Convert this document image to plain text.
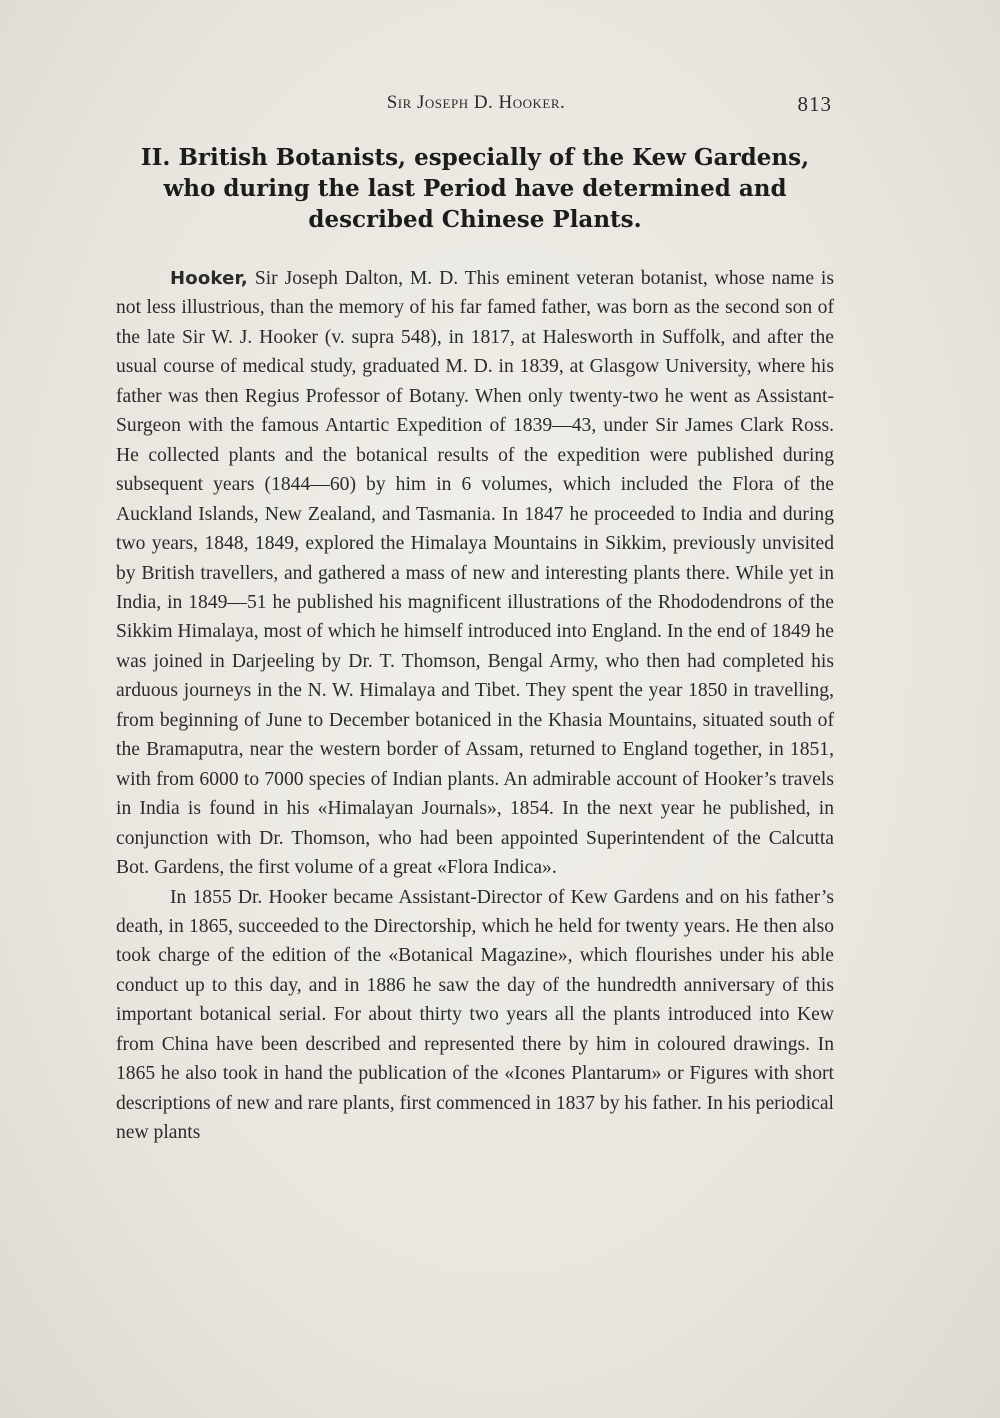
Sir Joseph D. Hooker.	813
II. British Botanists, especially of the Kew Gardens,
who during the last Period have determined and
described Chinese Plants.

Hooker, Sir Joseph Dalton, M. D. This eminent veteran botanist, whose name is not less illustrious, than the memory of his far famed father, was born as the second son of the late Sir W. J. Hooker (v. supra 548), in 1817, at Halesworth in Suffolk, and after the usual course of medical study, graduated M. D. in 1839, at Glasgow University, where his father was then Regius Professor of Botany. When only twenty-two he went as Assistant-Surgeon with the famous Antartic Expedition of 1839—43, under Sir James Clark Ross. He collected plants and the botanical results of the expedition were published during subsequent years (1844—60) by him in 6 volumes, which included the Flora of the Auckland Islands, New Zealand, and Tasmania. In 1847 he proceeded to India and during two years, 1848, 1849, explored the Himalaya Mountains in Sikkim, previously unvisited by British travellers, and gathered a mass of new and interesting plants there. While yet in India, in 1849—51 he published his magnificent illustrations of the Rhododendrons of the Sikkim Himalaya, most of which he himself introduced into England. In the end of 1849 he was joined in Darjeeling by Dr. T. Thomson, Bengal Army, who then had completed his arduous journeys in the N. W. Himalaya and Tibet. They spent the year 1850 in travelling, from beginning of June to December botaniced in the Khasia Mountains, situated south of the Bramaputra, near the western border of Assam, returned to England together, in 1851, with from 6000 to 7000 species of Indian plants. An admirable account of Hooker’s travels in India is found in his «Himalayan Journals», 1854. In the next year he published, in conjunction with Dr. Thomson, who had been appointed Superintendent of the Calcutta Bot. Gardens, the first volume of a great «Flora Indica».

In 1855 Dr. Hooker became Assistant-Director of Kew Gardens and on his father’s death, in 1865, succeeded to the Directorship, which he held for twenty years. He then also took charge of the edition of the «Botanical Magazine», which flourishes under his able conduct up to this day, and in 1886 he saw the day of the hundredth anniversary of this important botanical serial. For about thirty two years all the plants introduced into Kew from China have been described and represented there by him in coloured drawings. In 1865 he also took in hand the publication of the «Icones Plantarum» or Figures with short descriptions of new and rare plants, first commenced in 1837 by his father. In his periodical new plants
